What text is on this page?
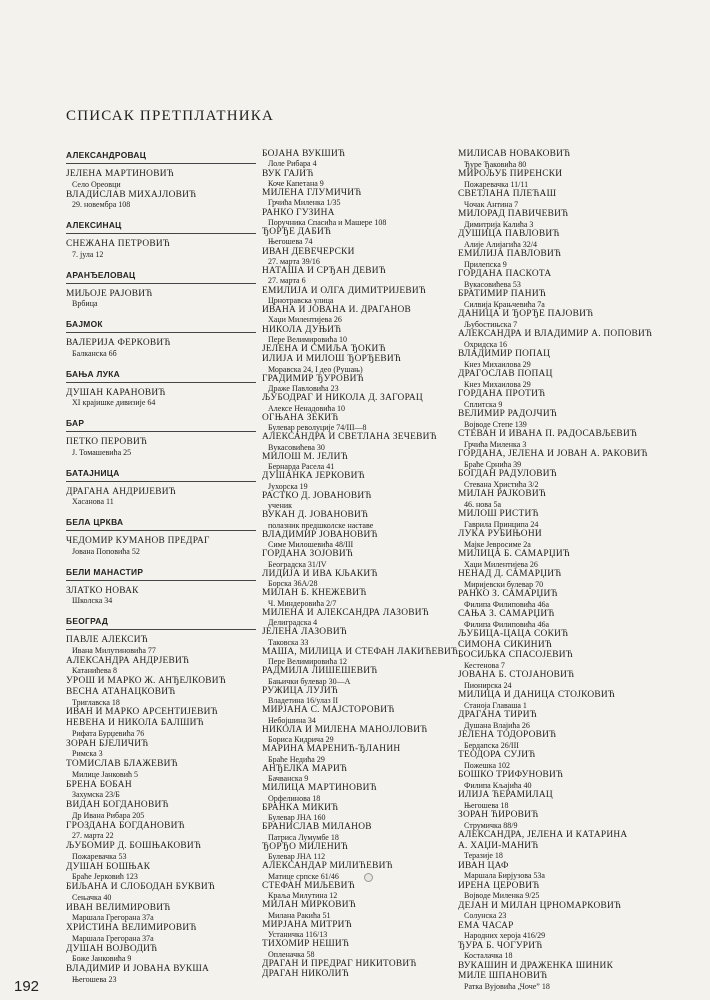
СПИСАК ПРЕТПЛАТНИКА
АЛЕКСАНДРОВАЦ
ЈЕЛЕНА МАРТИНОВИЋ
Село Ореовци
ВЛАДИСЛАВ МИХАЈЛОВИЋ
29. новембра 108
АЛЕКСИНАЦ
СНЕЖАНА ПЕТРОВИЋ
7. јула 12
АРАНЂЕЛОВАЦ
МИЉОЈЕ РАЈОВИЋ
Врбица
БАЈМОК
ВАЛЕРИЈА ФЕРКОВИЋ
Балканска 6б
БАЊА ЛУКА
ДУШАН КАРАНОВИЋ
XI крајишке дивизије 64
БАР
ПЕТКО ПЕРОВИЋ
Ј. Томашевића 25
БАТАЈНИЦА
ДРАГАНА АНДРИЈЕВИЋ
Хасанова 11
БЕЛА ЦРКВА
ЧЕДОМИР КУМАНОВ ПРЕДРАГ
Јована Поповића 52
БЕЛИ МАНАСТИР
ЗЛАТКО НОВАК
Школска 34
БЕОГРАД
ПАВЛЕ АЛЕКСИЋ
Ивана Милутиновића 77
АЛЕКСАНДРА АНДРЈЕВИЋ
Катанићева 8
УРОШ И МАРКО Ж. АНЂЕЛКОВИЋ
ВЕСНА АТАНАЦКОВИЋ
Триглавска 18
ИВАН И МАРКО АРСЕНТИЈЕВИЋ
НЕВЕНА И НИКОЛА БАЛШИЋ
Рифата Бурџевића 76
ЗОРАН БЈЕЛИЧИЋ
Римска 3
ТОМИСЛАВ БЛАЖЕВИЋ
Милице Јанковић 5
БРЕНА БОБАН
Захумска 23/Б
ВИДАН БОГДАНОВИЋ
Др Ивана Рибара 205
ГРОЗДАНА БОГДАНОВИЋ
27. марта 22
ЉУБОМИР Д. БОШЊАКОВИЋ
Пожаревачка 53
ДУШАН БОШЊАК
Браће Јерковић 123
БИЉАНА И СЛОБОДАН БУКВИЋ
Сењачка 40
ИВАН ВЕЛИМИРОВИЋ
Маршала Грегорана 37а
ХРИСТИНА ВЕЛИМИРОВИЋ
Маршала Грегорана 37а
ДУШАН ВОЈВОДИЋ
Боже Јанковића 9
ВЛАДИМИР И ЈОВАНА ВУКША
Његошева 23
БОЈАНА ВУКШИЋ
Лоле Рибара 4
ВУК ГАЈИЋ
Коче Капетана 9
МИЛЕНА ГЛУМИЧИЋ
Грчића Миленка 1/35
РАНКО ГУЗИНА
Поручника Спасића и Машере 108
ЂОРЂЕ ДАБИЋ
Његошева 74
ИВАН ДЕВЕЧЕРСКИ
27. марта 39/16
НАТАША И СРЂАН ДЕВИЋ
27. марта 6
ЕМИЛИЈА И ОЛГА ДИМИТРИЈЕВИЋ
Црнотравска улица
ИВАНА И ЈОВАНА И. ДРАГАНОВ
Хаџи Милентијева 26
НИКОЛА ДУЊИЋ
Пере Велимировића 10
ЈЕЛЕНА И СМИЉА ЂОКИЋ
ИЛИЈА И МИЛОШ ЂОРЂЕВИЋ
Моравска 24, I део (Рушањ)
ГРАДИМИР ЂУРОВИЋ
Драже Павловића 23
ЉУБОДРАГ И НИКОЛА Д. ЗАГОРАЦ
Алексе Ненадовића 10
ОГЊАНА ЗЕКИЋ
Булевар револуције 74/III—8
АЛЕКСАНДРА И СВЕТЛАНА ЗЕЧЕВИЋ
Вукасовићева 30
МИЛОШ М. ЈЕЛИЋ
Бернарда Расела 41
ДУШАНКА ЈЕРКОВИЋ
Јухорска 19
РАСТКО Д. ЈОВАНОВИЋ
ученик
ВУКАН Д. ЈОВАНОВИЋ
полазник предшколске наставе
ВЛАДИМИР ЈОВАНОВИЋ
Симе Милошевића 48/III
ГОРДАНА ЗОЈОВИЋ
Београдска 31/IV
ЛИДИЈА И ИВА КЉАКИЋ
Борска 36А/28
МИЛАН Б. КНЕЖЕВИЋ
Ч. Миндеровића 2/7
МИЛЕНА И АЛЕКСАНДРА ЛАЗОВИЋ
Делиградска 4
ЈЕЛЕНА ЛАЗОВИЋ
Таковска 33
МАША, МИЛИЦА И СТЕФАН ЛАКИЋЕВИЋ
Пере Велимировића 12
РАДМИЛА ЛИШЕШЕВИЋ
Бањички булевар 30—А
РУЖИЦА ЛУЈИЋ
Владетина 16/улаз II
МИРЈАНА С. МАЈСТОРОВИЋ
Небојшина 34
НИКОЛА И МИЛЕНА МАНОЈЛОВИЋ
Бориса Кидрича 29
МАРИНА МАРЕНИЋ-ЂЛАНИН
Браће Недића 29
АНЂЕЛКА МАРИЋ
Бачванска 9
МИЛИЦА МАРТИНОВИЋ
Орфелинова 18
БРАНКА МИКИЋ
Булевар ЈНА 160
БРАНИСЛАВ МИЛАНОВ
Патриса Лумумбе 18
ЂОРЂО МИЛЕНИЋ
Булевар ЈНА 112
АЛЕКСАНДАР МИЛИЋЕВИЋ
Матице српске 61/46
СТЕФАН МИЉЕВИЋ
Краља Милутина 12
МИЛАН МИРКОВИЋ
Милана Ракића 51
МИРЈАНА МИТРИЋ
Устаничка 116/13
ТИХОМИР НЕШИЋ
Опленачка 58
ДРАГАН И ПРЕДРАГ НИКИТОВИЋ
ДРАГАН НИКОЛИЋ
МИЛИСАВ НОВАКОВИЋ
Ђуре Ђаковића 80
МИРОЉУБ ПИРЕНСКИ
Пожаревачка 11/11
СВЕТЛАНА ПЛЕЋАШ
Чочак Антина 7
МИЛОРАД ПАВИЧЕВИЋ
Димитрија Калића 3
ДУШИЦА ПАВЛОВИЋ
Алије Алијагића 32/4
ЕМИЛИЈА ПАВЛОВИЋ
Прилепска 9
ГОРДАНА ПАСКОТА
Вукасовићева 53
БРАТИМИР ПАНИЋ
Силвија Крањчевића 7а
ДАНИЦА И ЂОРЂЕ ПАЈОВИЋ
Љубостињска 7
АЛЕКСАНДРА И ВЛАДИМИР А. ПОПОВИЋ
Охридска 16
ВЛАДИМИР ПОПАЦ
Кнез Михаилова 29
ДРАГОСЛАВ ПОПАЦ
Кнез Михаилова 29
ГОРДАНА ПРОТИЋ
Сплитска 9
ВЕЛИМИР РАДОЈЧИЋ
Војводе Степе 139
СТЕВАН И ИВАНА П. РАДОСАВЉЕВИЋ
Грчића Миленка 3
ГОРДАНА, ЈЕЛЕНА И ЈОВАН А. РАКОВИЋ
Браће Срнића 39
БОГДАН РАДУЛОВИЋ
Стевана Христића 3/2
МИЛАН РАЈКОВИЋ
46. нова 5а
МИЛОШ РИСТИЋ
Гаврила Принципа 24
ЛУКА РУБИЊОНИ
Мајке Јевросиме 2а
МИЛИЦА Б. САМАРЏИЋ
Хаџи Милентијева 26
НЕНАД Д. САМАРЏИЋ
Мириjевски булевар 70
РАНКО З. САМАРЏИЋ
Филипа Филиповића 46а
САЊА З. САМАРЏИЋ
Филипа Филиповића 46а
ЉУБИЦА-ЦАЦА СОКИЋ
СИМОНА СИКИНИЋ
БОСИЉКА СПАСОЈЕВИЋ
Кестенова 7
ЈОВАНА Б. СТОЈАНОВИЋ
Пионирска 24
МИЛИЦА И ДАНИЦА СТОЈКОВИЋ
Станоја Главаша 1
ДРАГАНА ТИРИЋ
Душана Влајића 26
ЈЕЛЕНА ТОДОРОВИЋ
Бердапска 26/III
ТЕОДОРА СУЈИЋ
Пожешка 102
БОШКО ТРИФУНОВИЋ
Филипа Кљајића 40
ИЛИЈА ЋЕРАМИЛАЦ
Његошева 18
ЗОРАН ЋИРОВИЋ
Струмичка 88/9
АЛЕКСАНДРА, ЈЕЛЕНА И КАТАРИНА
А. ХАЏИ-МАНИЋ
Теразије 18
ИВАН ЦАФ
Маршала Бирјузова 53а
ИРЕНА ЦЕРОВИЋ
Војводе Миленка 9/25
ДЕЈАН И МИЛАН ЦРНОМАРКОВИЋ
Солунска 23
ЕМА ЧАСАР
Народних хероја 416/29
ЂУРА Б. ЧОГУРИЋ
Косталачка 18
ВУКАШИН И ДРАЖЕНКА ШИНИК
МИЛЕ ШПАНОВИЋ
Ратка Вујовића „Чоче” 18
192
